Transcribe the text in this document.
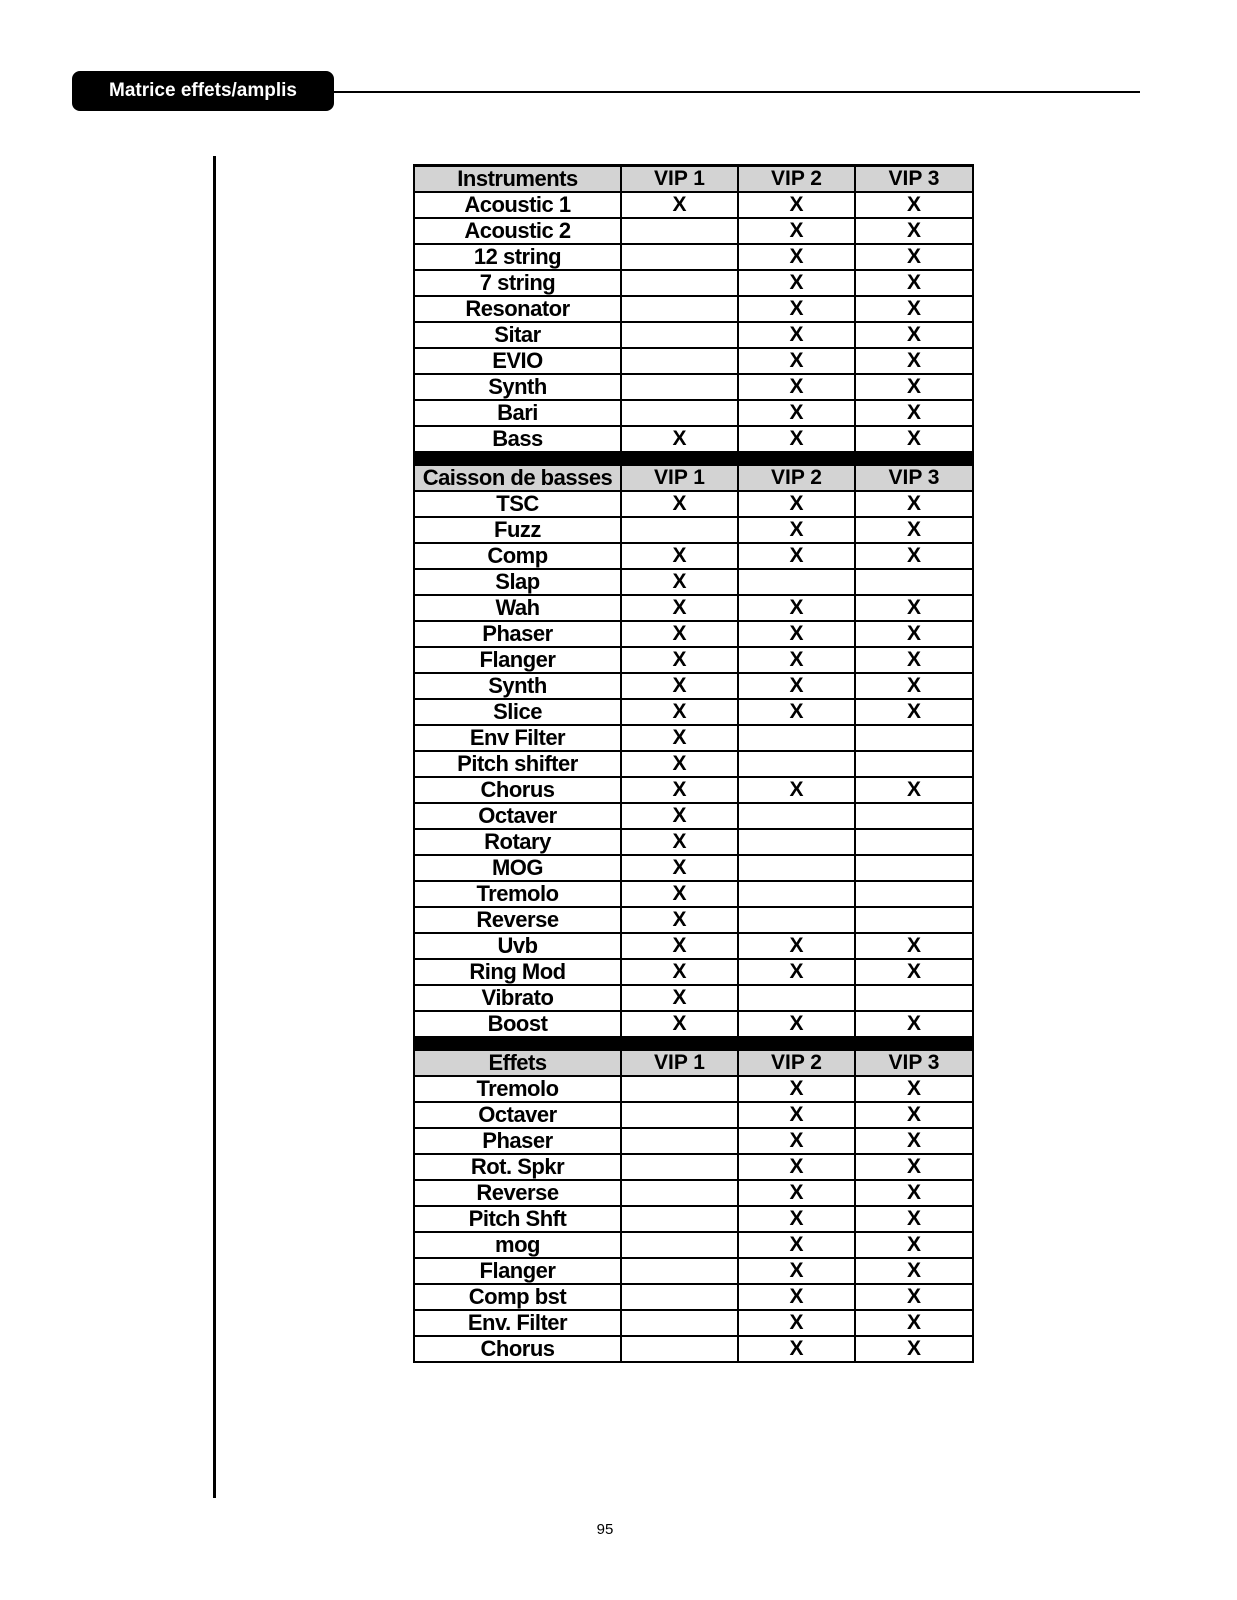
Matrice effets/amplis
Instruments	VIP 1	VIP 2	VIP 3
Acoustic 1	X	X	X
Acoustic 2		X	X
12 string		X	X
7 string		X	X
Resonator		X	X
Sitar		X	X
EVIO		X	X
Synth		X	X
Bari		X	X
Bass	X	X	X

Caisson de basses	VIP 1	VIP 2	VIP 3
TSC	X	X	X
Fuzz		X	X
Comp	X	X	X
Slap	X		
Wah	X	X	X
Phaser	X	X	X
Flanger	X	X	X
Synth	X	X	X
Slice	X	X	X
Env Filter	X		
Pitch shifter	X		
Chorus	X	X	X
Octaver	X		
Rotary	X		
MOG	X		
Tremolo	X		
Reverse	X		
Uvb	X	X	X
Ring Mod	X	X	X
Vibrato	X		
Boost	X	X	X

Effets	VIP 1	VIP 2	VIP 3
Tremolo		X	X
Octaver		X	X
Phaser		X	X
Rot. Spkr		X	X
Reverse		X	X
Pitch Shft		X	X
mog		X	X
Flanger		X	X
Comp bst		X	X
Env. Filter		X	X
Chorus		X	X
95
